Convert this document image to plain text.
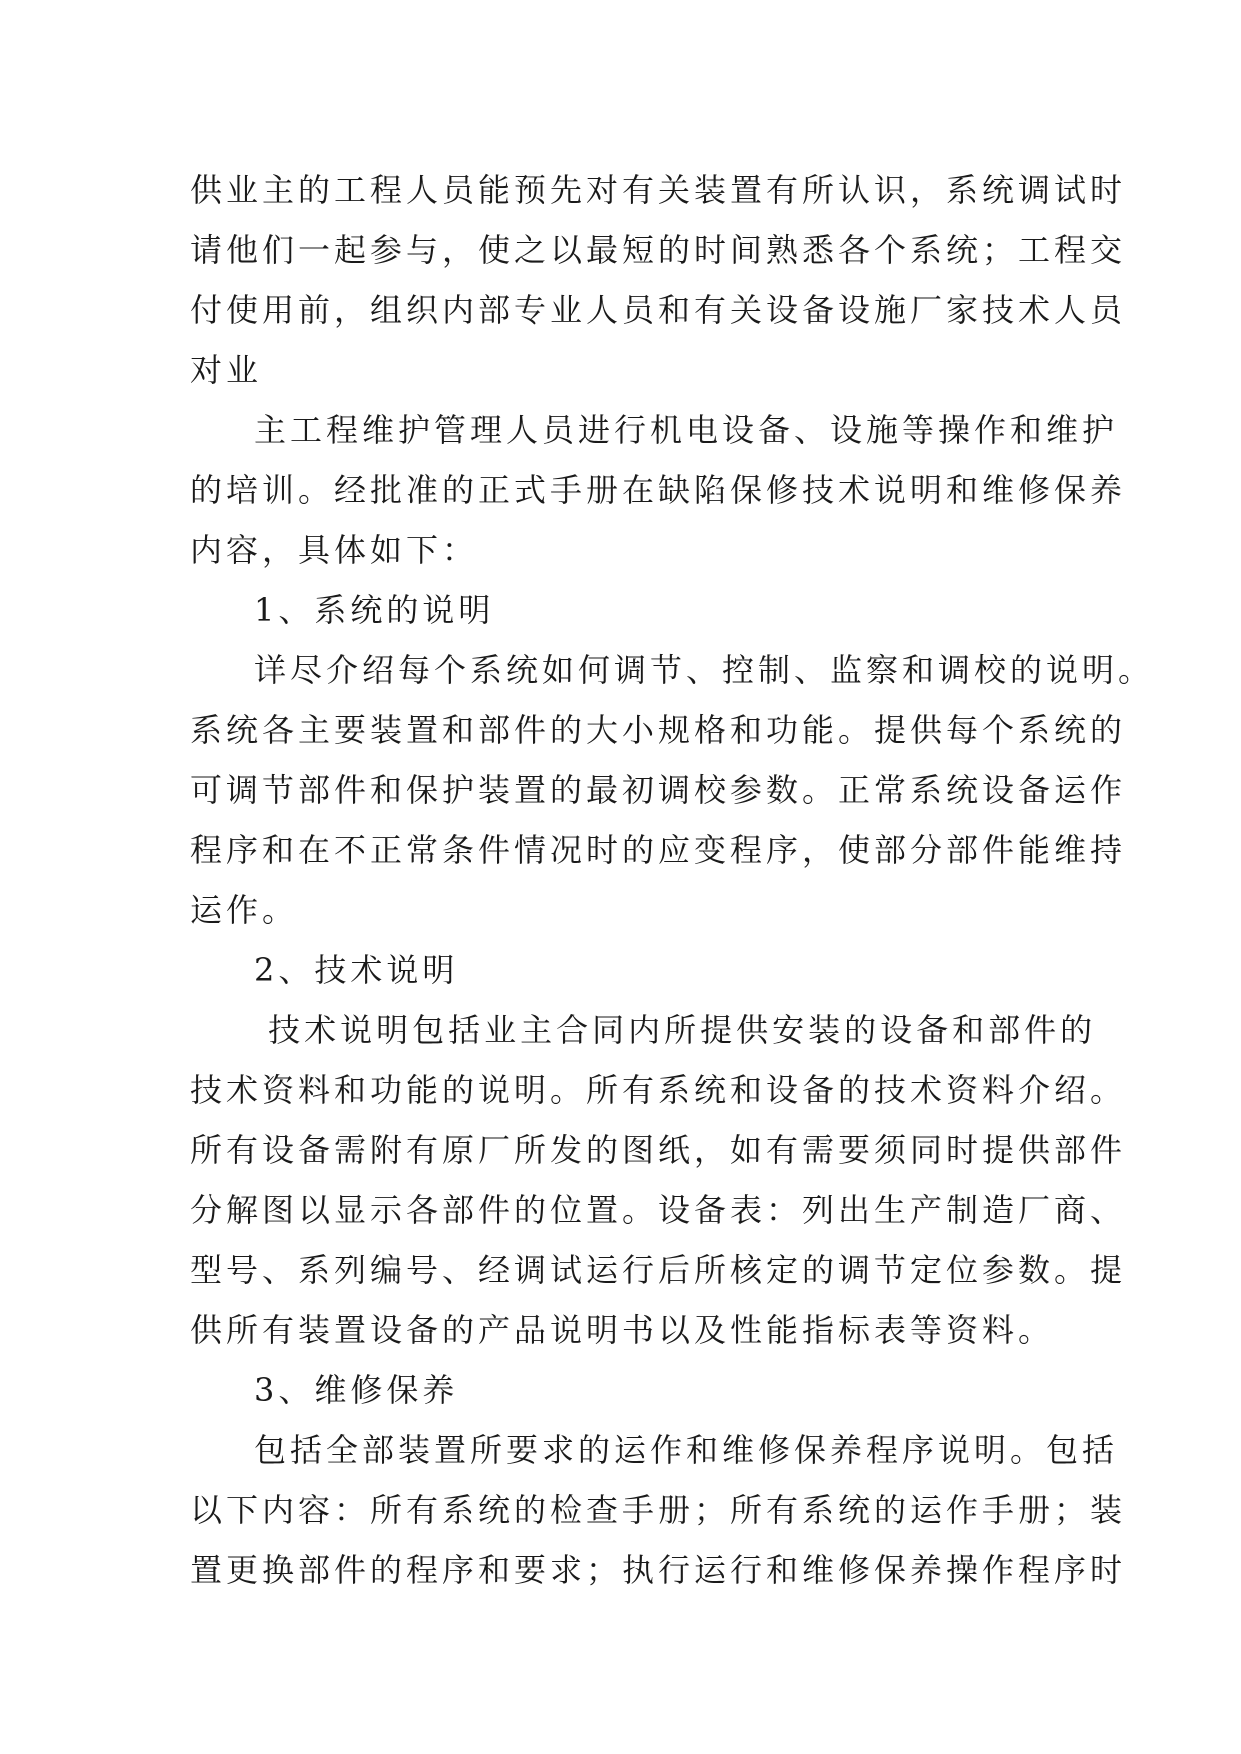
供业主的工程人员能预先对有关装置有所认识，系统调试时
请他们一起参与，使之以最短的时间熟悉各个系统；工程交
付使用前，组织内部专业人员和有关设备设施厂家技术人员
对业
主工程维护管理人员进行机电设备、设施等操作和维护
的培训。经批准的正式手册在缺陷保修技术说明和维修保养
内容，具体如下：
1、系统的说明
详尽介绍每个系统如何调节、控制、监察和调校的说明。
系统各主要装置和部件的大小规格和功能。提供每个系统的
可调节部件和保护装置的最初调校参数。正常系统设备运作
程序和在不正常条件情况时的应变程序，使部分部件能维持
运作。
2、技术说明
技术说明包括业主合同内所提供安装的设备和部件的
技术资料和功能的说明。所有系统和设备的技术资料介绍。
所有设备需附有原厂所发的图纸，如有需要须同时提供部件
分解图以显示各部件的位置。设备表：列出生产制造厂商、
型号、系列编号、经调试运行后所核定的调节定位参数。提
供所有装置设备的产品说明书以及性能指标表等资料。
3、维修保养
包括全部装置所要求的运作和维修保养程序说明。包括
以下内容：所有系统的检查手册；所有系统的运作手册；装
置更换部件的程序和要求；执行运行和维修保养操作程序时
